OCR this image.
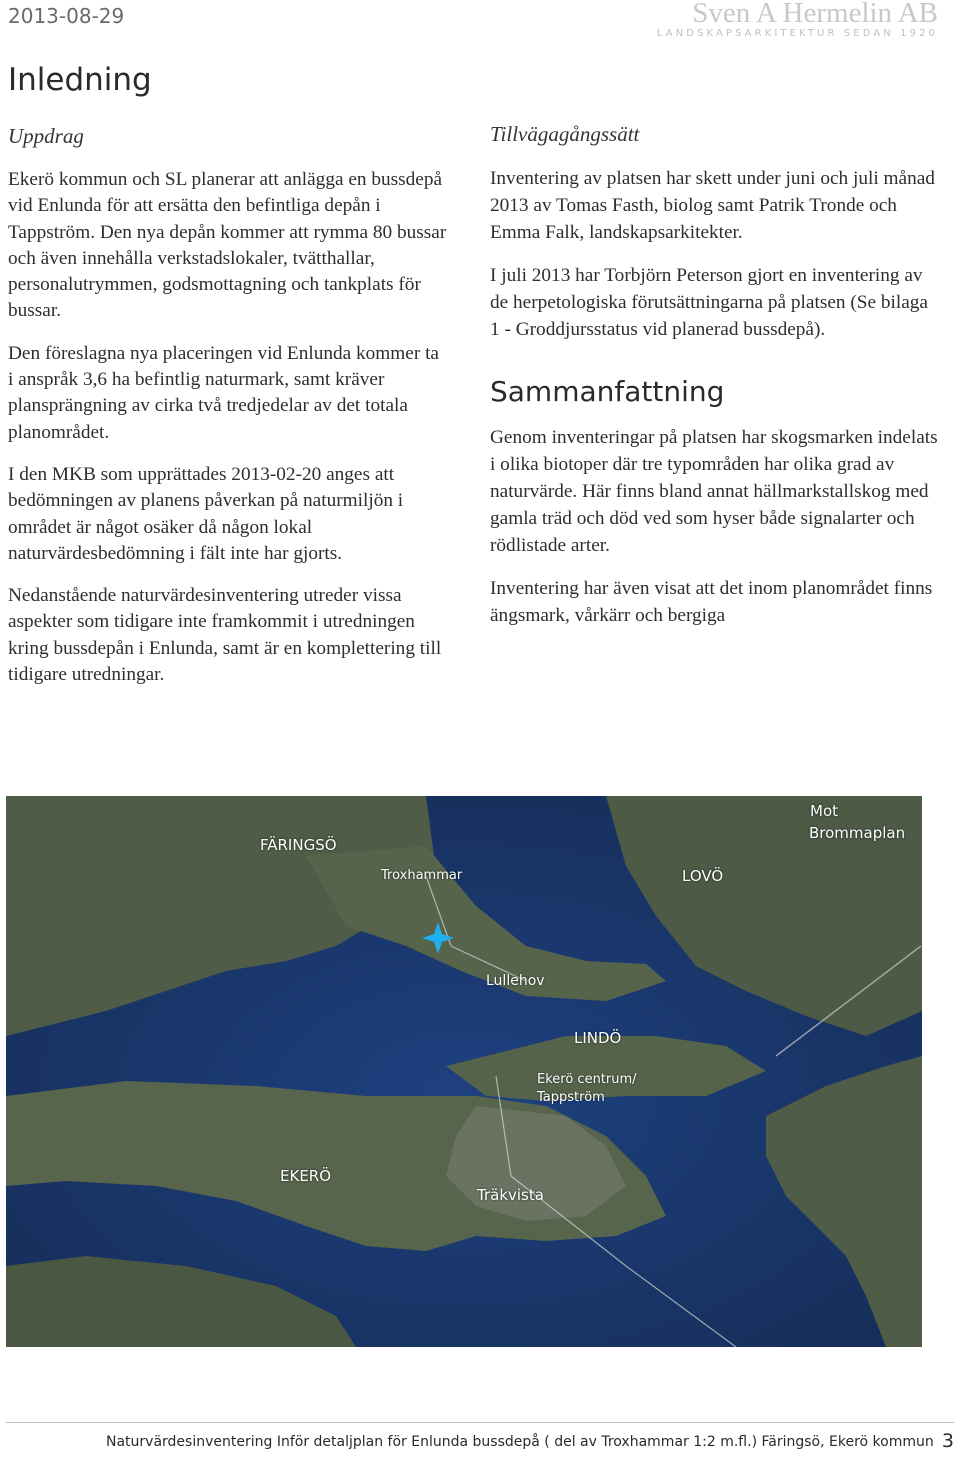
2013-08-29	Sven A Hermelin AB
LANDSKAPSARKITEKTUR SEDAN 1920
Inledning
Uppdrag

Ekerö kommun och SL planerar att anlägga en bussdepå vid Enlunda för att ersätta den befintliga depån i Tappström. Den nya depån kommer att rymma 80 bussar och även innehålla verkstadslokaler, tvätthallar, personalutrymmen, godsmottagning och tankplats för bussar.

Den föreslagna nya placeringen vid Enlunda kommer ta i anspråk 3,6 ha befintlig naturmark, samt kräver plansprängning av cirka två tredjedelar av det totala planområdet.

I den MKB som upprättades 2013-02-20 anges att bedömningen av planens påverkan på naturmiljön i området är något osäker då någon lokal naturvärdesbedömning i fält inte har gjorts.

Nedanstående naturvärdesinventering utreder vissa aspekter som tidigare inte framkommit i utredningen kring bussdepån i Enlunda, samt är en komplettering till tidigare utredningar.

Tillvägagångssätt

Inventering av platsen har skett under juni och juli månad 2013 av Tomas Fasth, biolog samt Patrik Tronde och Emma Falk, landskapsarkitekter.

I juli 2013 har Torbjörn Peterson gjort en inventering av de herpetologiska förutsättningarna på platsen (Se bilaga 1 - Groddjursstatus vid planerad bussdepå).

Sammanfattning

Genom inventeringar på platsen har skogsmarken indelats i olika biotoper där tre typområden har olika grad av naturvärde. Här finns bland annat hällmarkstallskog med gamla träd och död ved som hyser både signalarter och rödlistade arter.

Inventering har även visat att det inom planområdet finns ängsmark, vårkärr och bergiga

FÄRINGSÖ
Troxhammar	LOVÖ
Mot
Brommaplan
Lullehov
LINDÖ
Ekerö centrum/
Tappström
EKERÖ
Träkvista
Naturvärdesinventering Inför detaljplan för Enlunda bussdepå ( del av Troxhammar 1:2 m.fl.) Färingsö, Ekerö kommun 3
